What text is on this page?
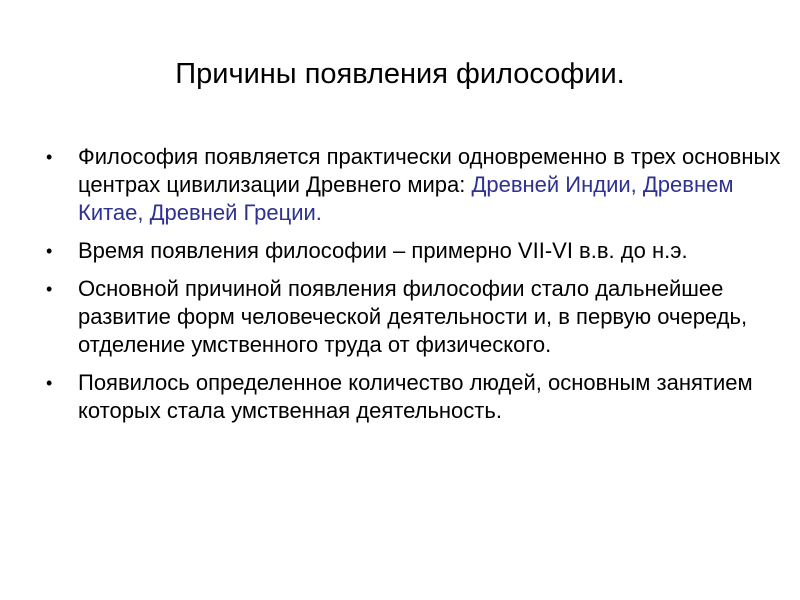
Причины появления философии.
• Философия появляется практически одновременно в трех основных центрах цивилизации Древнего мира: Древней Индии, Древнем Китае, Древней Греции.
• Время появления философии – примерно VII-VI в.в. до н.э.
• Основной причиной появления философии стало дальнейшее развитие форм человеческой деятельности и, в первую очередь, отделение умственного труда от физического.
• Появилось определенное количество людей, основным занятием которых стала умственная деятельность.
